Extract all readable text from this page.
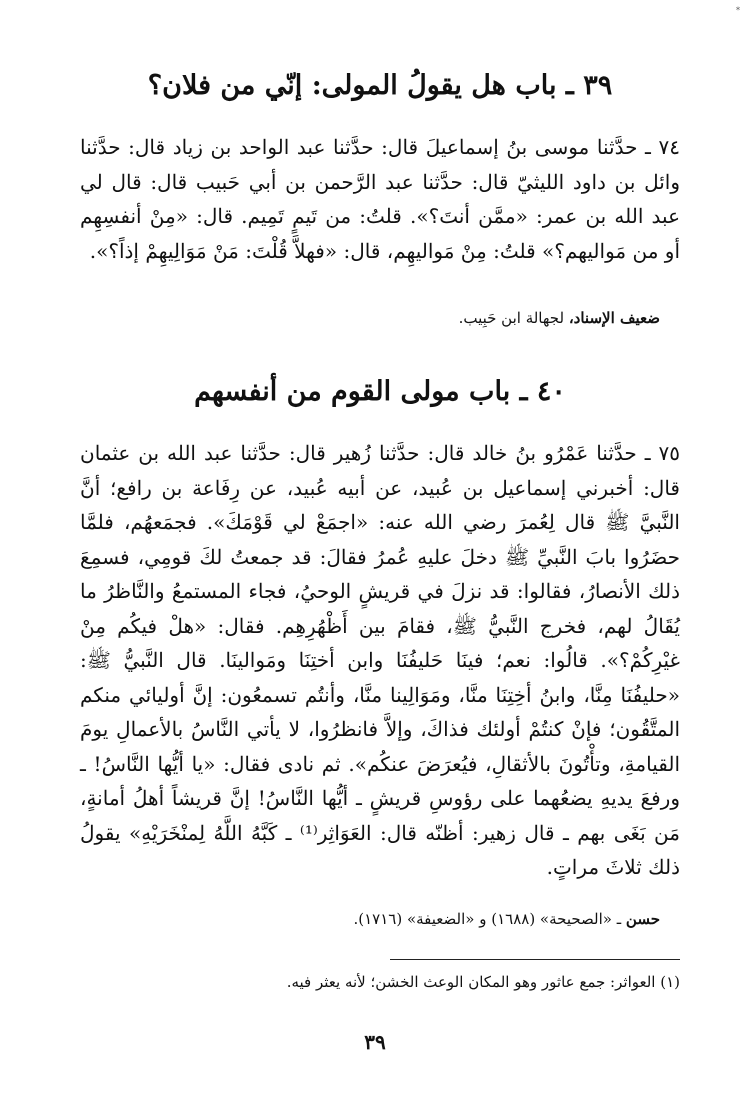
*
٣٩ ـ باب هل يقولُ المولى: إنّي من فلان؟
٧٤ ـ حدَّثنا موسى بنُ إسماعيلَ قال: حدَّثنا عبد الواحد بن زياد قال: حدَّثنا وائل بن داود الليثيّ قال: حدَّثنا عبد الرَّحمن بن أبي حَبيب قال: قال لي عبد الله بن عمر: «ممَّن أنتَ؟». قلتُ: من تَيمٍ تَمِيم. قال: «مِنْ أنفسِهِم أو من مَواليهم؟» قلتُ: مِنْ مَواليهِم، قال: «فهلاَّ قُلْتَ: مَنْ مَوَالِيهِمْ إذاً؟».
ضعيف الإسناد، لجهالة ابن حَبِيب.
٤٠ ـ باب مولى القوم من أنفسهم
٧٥ ـ حدَّثنا عَمْرُو بنُ خالد قال: حدَّثنا زُهير قال: حدَّثنا عبد الله بن عثمان قال: أخبرني إسماعيل بن عُبيد، عن أبيه عُبيد، عن رِفَاعة بن رافع؛ أنَّ النَّبيَّ ﷺ قال لِعُمرَ رضي الله عنه: «اجمَعْ لي قَوْمَكَ». فجمَعهُم، فلمَّا حضَرُوا بابَ النَّبيِّ ﷺ دخلَ عليهِ عُمرُ فقالَ: قد جمعتُ لكَ قومِي، فسمِعَ ذلك الأنصارُ، فقالوا: قد نزلَ في قريشٍ الوحيُ، فجاء المستمعُ والنَّاظرُ ما يُقَالُ لهم، فخرج النَّبيُّ ﷺ، فقامَ بين أَظْهُرِهِم. فقال: «هلْ فيكُم مِنْ غيْرِكُمْ؟». قالُوا: نعم؛ فينَا حَليفُنَا وابن أختِنَا ومَوالينَا. قال النَّبيُّ ﷺ: «حليفُنَا مِنَّا، وابنُ أخِتِنَا منَّا، ومَوَالِينا منَّا، وأنتُم تسمعُون: إنَّ أوليائي منكم المتَّقُون؛ فإنْ كنتُمْ أولئك فذاكَ، وإلاَّ فانظرُوا، لا يأتي النَّاسُ بالأعمالِ يومَ القيامةِ، وتأْتُونَ بالأثقالِ، فيُعرَضَ عنكُم». ثم نادى فقال: «يا أيُّها النَّاسُ! ـ ورفعَ يديهِ يضعُهما على رؤوسِ قريشٍ ـ أيُّها النَّاسُ! إنَّ قريشاً أهلُ أمانةٍ، مَن بَغَى بهم ـ قال زهير: أظنّه قال: العَوَاثِر⁽¹⁾ ـ كَبَّهُ اللَّهُ لِمنْخَرَيْهِ» يقولُ ذلك ثلاثَ مراتٍ.
حسن ـ «الصحيحة» (١٦٨٨) و «الضعيفة» (١٧١٦).
(١) العواثر: جمع عاثور وهو المكان الوعث الخشن؛ لأنه يعثر فيه.
٣٩
